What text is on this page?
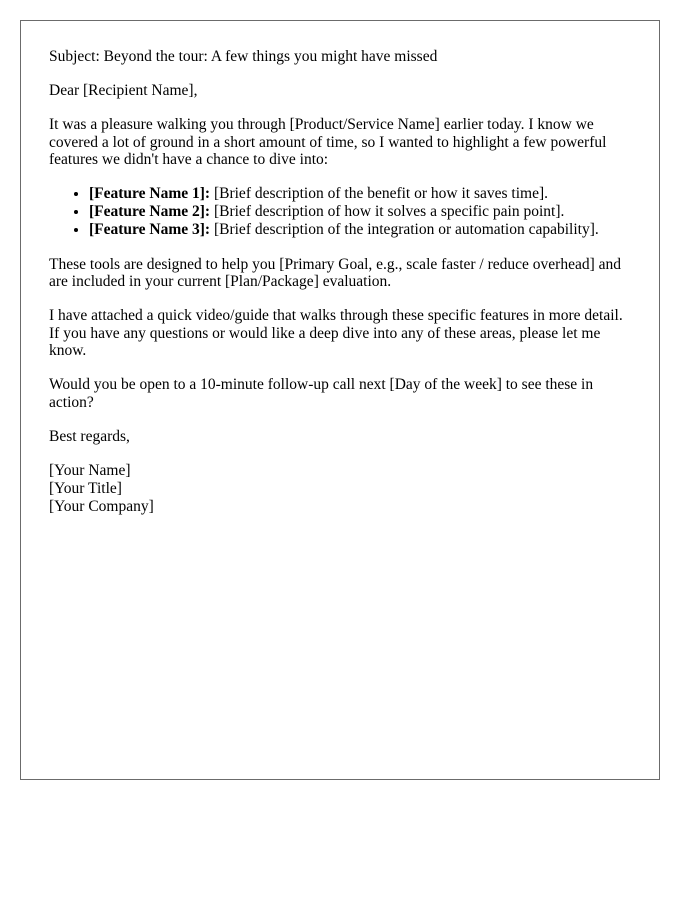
Subject: Beyond the tour: A few things you might have missed

Dear [Recipient Name],

It was a pleasure walking you through [Product/Service Name] earlier today. I know we covered a lot of ground in a short amount of time, so I wanted to highlight a few powerful features we didn't have a chance to dive into:

• [Feature Name 1]: [Brief description of the benefit or how it saves time].
• [Feature Name 2]: [Brief description of how it solves a specific pain point].
• [Feature Name 3]: [Brief description of the integration or automation capability].

These tools are designed to help you [Primary Goal, e.g., scale faster / reduce overhead] and are included in your current [Plan/Package] evaluation.

I have attached a quick video/guide that walks through these specific features in more detail. If you have any questions or would like a deep dive into any of these areas, please let me know.

Would you be open to a 10-minute follow-up call next [Day of the week] to see these in action?

Best regards,

[Your Name]
[Your Title]
[Your Company]
